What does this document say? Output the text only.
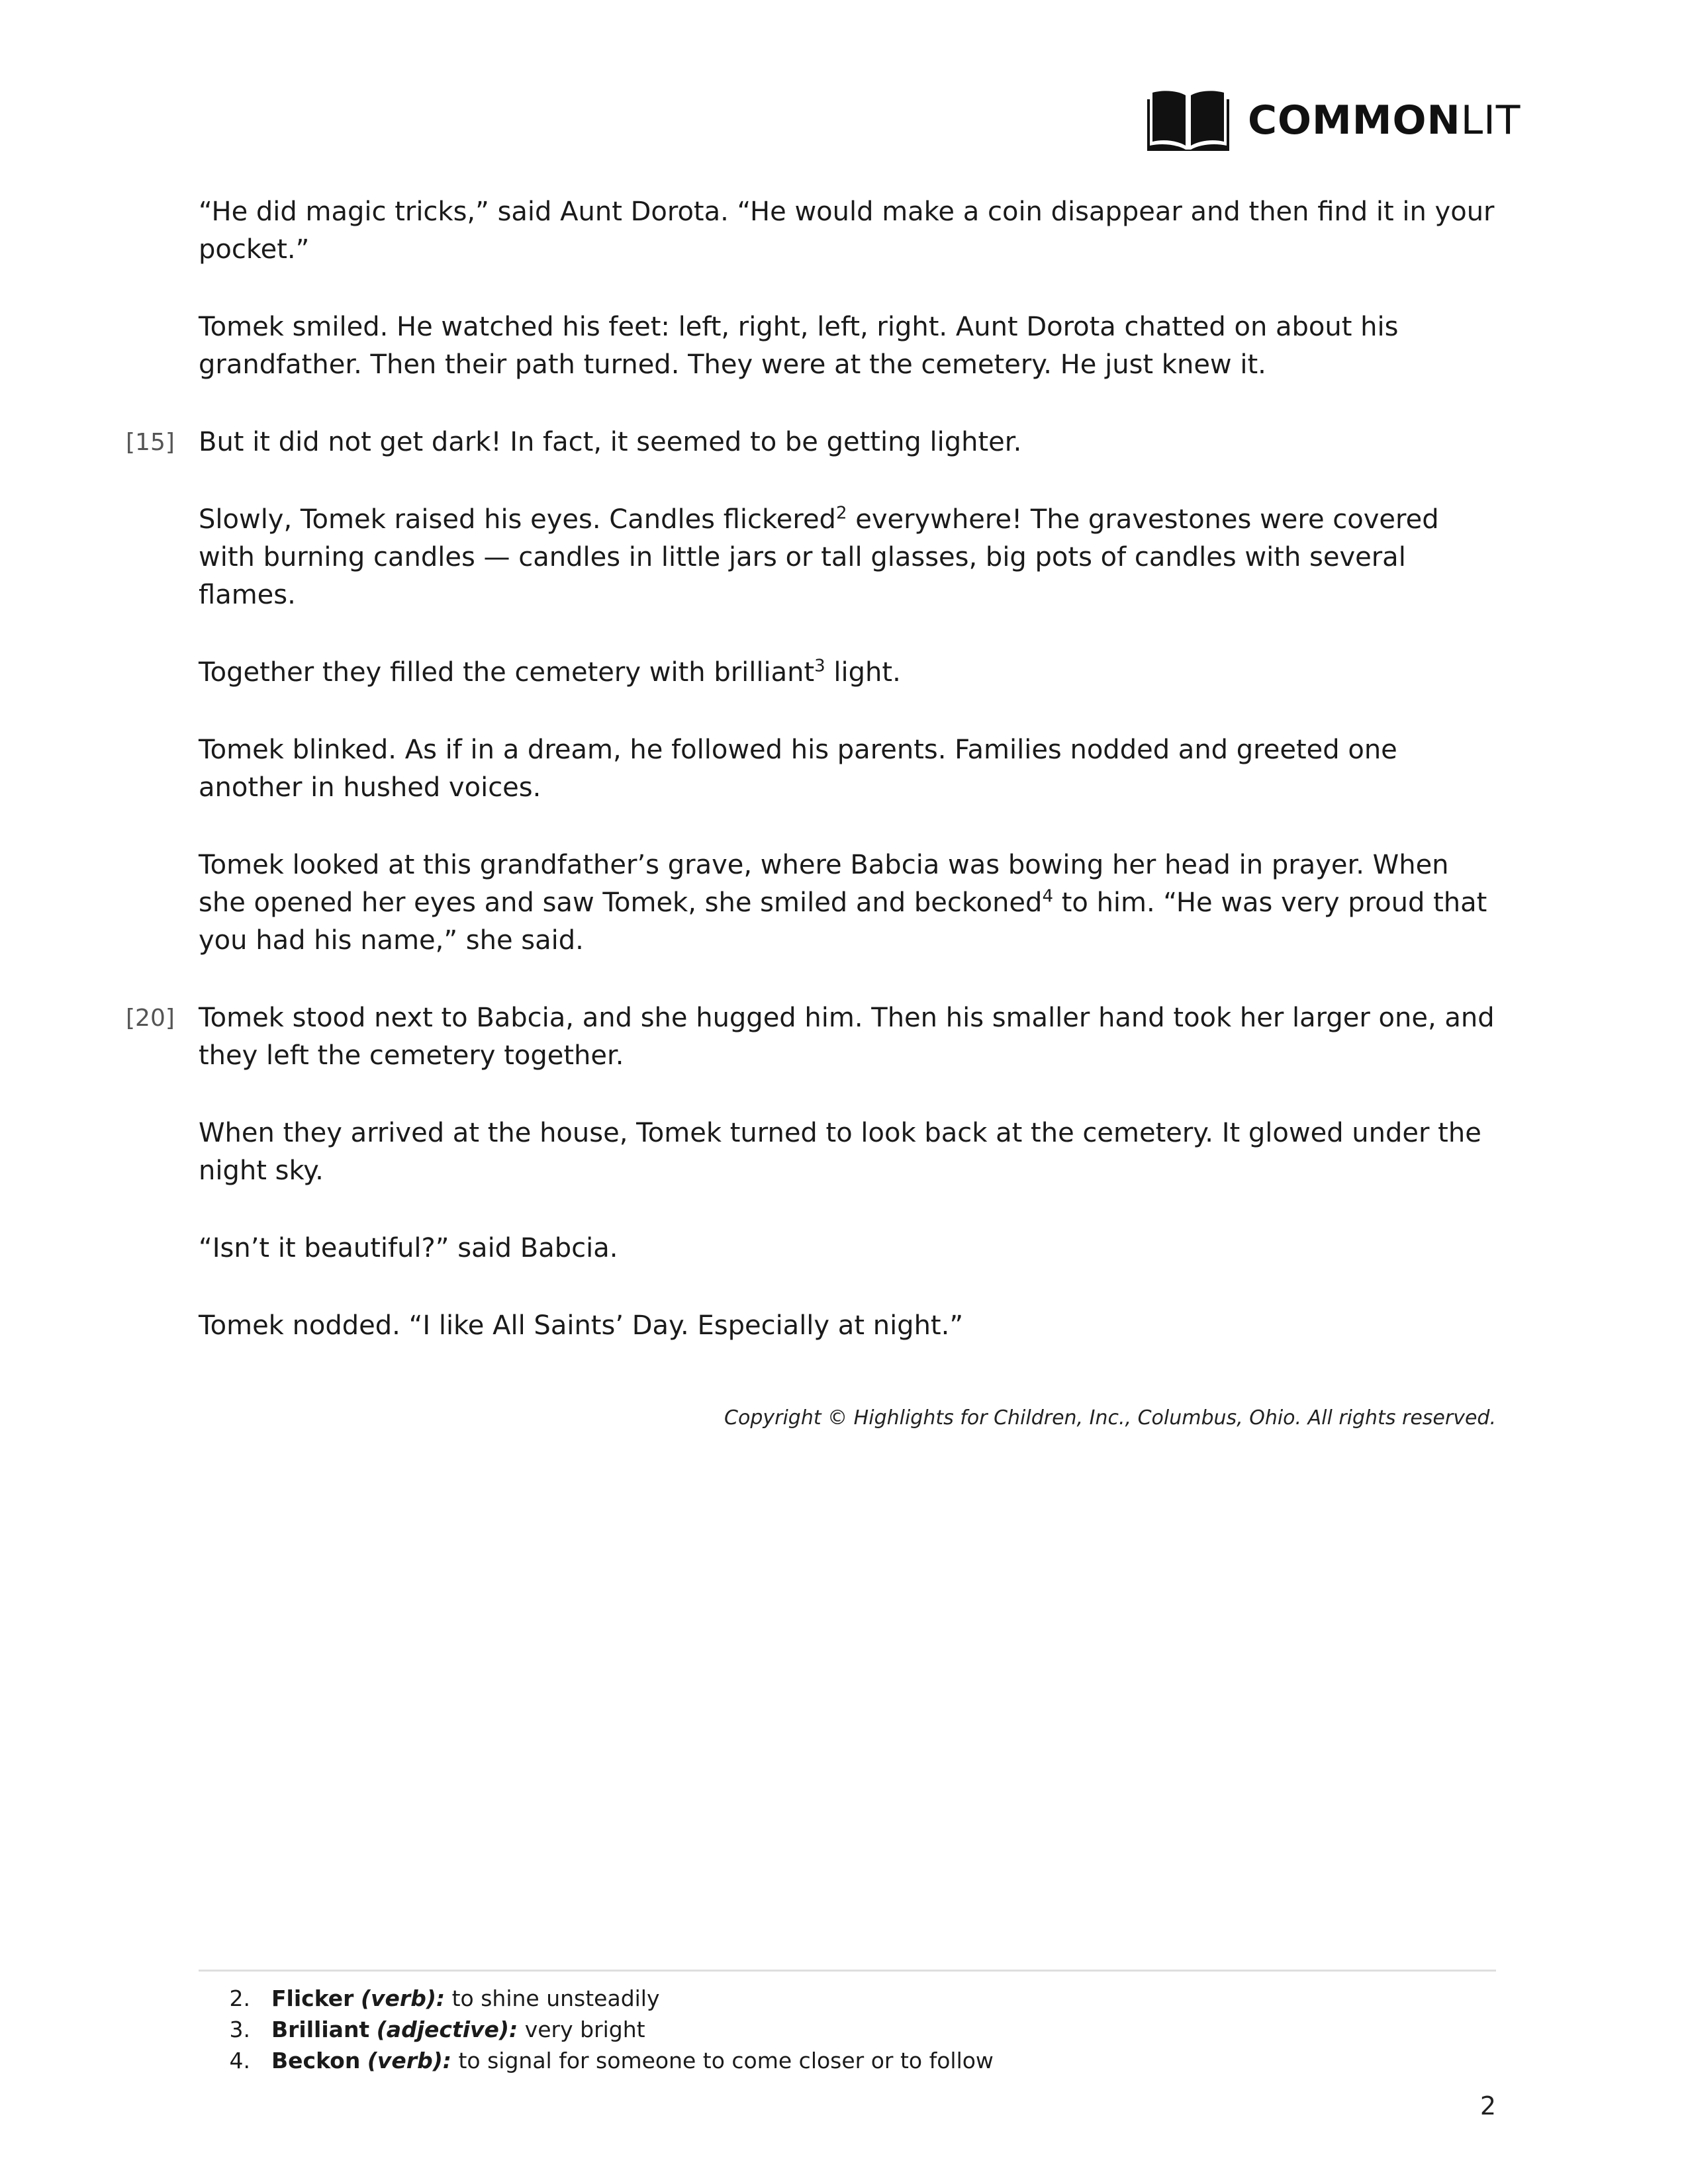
COMMONLIT

“He did magic tricks,” said Aunt Dorota. “He would make a coin disappear and then find it in your pocket.”

Tomek smiled. He watched his feet: left, right, left, right. Aunt Dorota chatted on about his grandfather. Then their path turned. They were at the cemetery. He just knew it.

[15] But it did not get dark! In fact, it seemed to be getting lighter.

Slowly, Tomek raised his eyes. Candles flickered$^2$ everywhere! The gravestones were covered with burning candles — candles in little jars or tall glasses, big pots of candles with several flames.

Together they filled the cemetery with brilliant$^3$ light.

Tomek blinked. As if in a dream, he followed his parents. Families nodded and greeted one another in hushed voices.

Tomek looked at this grandfather’s grave, where Babcia was bowing her head in prayer. When she opened her eyes and saw Tomek, she smiled and beckoned$^4$ to him. “He was very proud that you had his name,” she said.

[20] Tomek stood next to Babcia, and she hugged him. Then his smaller hand took her larger one, and they left the cemetery together.

When they arrived at the house, Tomek turned to look back at the cemetery. It glowed under the night sky.

“Isn’t it beautiful?” said Babcia.

Tomek nodded. “I like All Saints’ Day. Especially at night.”

Copyright © Highlights for Children, Inc., Columbus, Ohio. All rights reserved.
2. Flicker (verb): to shine unsteadily
3. Brilliant (adjective): very bright
4. Beckon (verb): to signal for someone to come closer or to follow
2
